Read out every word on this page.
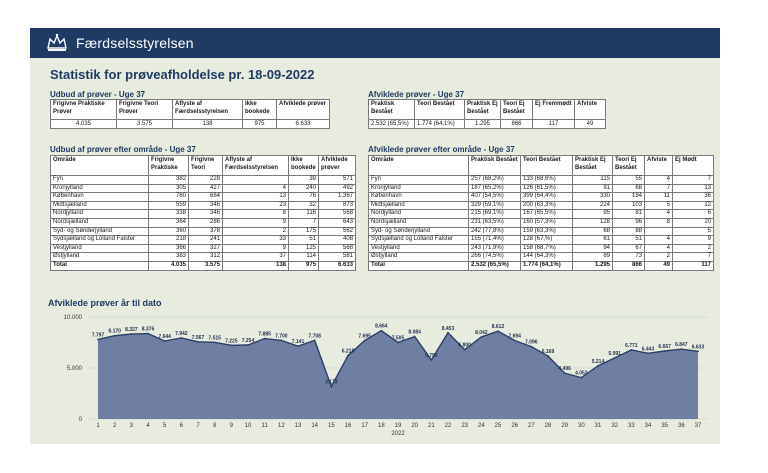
Færdselsstyrelsen
Statistik for prøveafholdelse pr. 18-09-2022
Udbud af prøver - Uge 37
Frigivne Praktiske Prøver	Frigivne Teori Prøver	Aflyste af Færdselsstyrelsen	Ikke bookede	Afviklede prøver
4.035	3.575	138	975	6.633
Afviklede prøver - Uge 37
Praktisk Bestået	Teori Bestået	Praktisk Ej Bestået	Teori Ej Bestået	Ej Fremmødt	Afviste
2.532 (65,5%)	1.774 (64,1%)	1.295	866	117	49
Udbud af prøver efter område - Uge 37
Område	Frigivne Praktiske	Frigivne Teori	Aflyste af Færdselsstyrelsen	Ikke bookede	Afviklede prøver
Fyn	382	228		39	571
Kronjylland	305	427	4	240	492
København	760	684	13	76	1.367
Midtsjælland	559	346	23	32	873
Nordjylland	338	346	8	116	568
Nordsjælland	364	286	9	7	643
Syd- og Sønderjylland	360	378	2	175	562
Sydsjælland og Lolland Falster	218	241	33	51	408
Vestjylland	366	327	9	125	568
Østjylland	383	312	37	114	581
Total	4.035	3.575	138	975	6.633
Afviklede prøver efter område - Uge 37
Område	Praktisk Bestået	Teori Bestået	Praktisk Ej Bestået	Teori Ej Bestået	Afviste	Ej Mødt
Fyn	257 (68,2%)	133 (68,6%)	115	55	4	7
Kronjylland	187 (65,2%)	126 (61,5%)	91	68	7	13
København	407 (54,5%)	399 (64,4%)	330	184	11	36
Midtsjælland	329 (59,1%)	200 (63,3%)	224	103	5	12
Nordjylland	215 (69,1%)	167 (65,5%)	95	81	4	6
Nordsjælland	231 (63,5%)	160 (57,3%)	128	96	8	20
Syd- og Sønderjylland	242 (77,8%)	159 (63,3%)	68	88		5
Sydsjælland og Lolland Falster	155 (71,4%)	128 (67,%)	61	51	4	9
Vestjylland	243 (71,9%)	158 (68,7%)	94	67	4	2
Østjylland	266 (74,5%)	144 (64,3%)	89	73	2	7
Total	2.532 (65,5%)	1.774 (64,1%)	1.295	866	49	117
Afviklede prøver år til dato
0
5.000
10.000
7.797
1
8.170
2
8.327
3
8.376
4
7.644
5
7.942
6
7.567
7
7.515
8
7.225
9
7.254
10
7.885
11
7.700
12
7.141
13
7.708
14
3.173
15
6.218
16
7.695
17
8.664
18
7.505
19
8.084
20
5.790
21
8.453
22
6.800
23
8.042
24
8.612
25
7.694
26
7.096
27
6.169
28
4.496
29
4.053
30
5.214
31
5.991
32
6.771
33
6.443
34
6.667
35
6.847
36
6.633
37
2022
